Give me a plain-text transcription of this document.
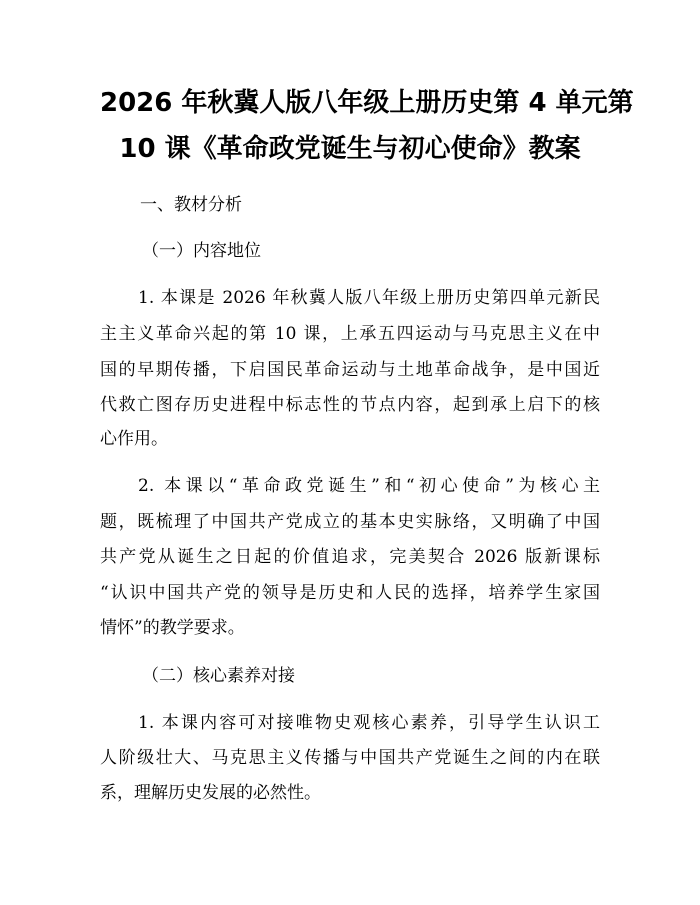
2026 年秋冀人版八年级上册历史第 4 单元第
10 课《革命政党诞生与初心使命》教案
一、教材分析
（一）内容地位
1. 本课是 2026 年秋冀人版八年级上册历史第四单元新民
主主义革命兴起的第 10 课，上承五四运动与马克思主义在中
国的早期传播，下启国民革命运动与土地革命战争，是中国近
代救亡图存历史进程中标志性的节点内容，起到承上启下的核
心作用。
2. 本课以“革命政党诞生”和“初心使命”为核心主
题，既梳理了中国共产党成立的基本史实脉络，又明确了中国
共产党从诞生之日起的价值追求，完美契合 2026 版新课标
“认识中国共产党的领导是历史和人民的选择，培养学生家国
情怀”的教学要求。
（二）核心素养对接
1. 本课内容可对接唯物史观核心素养，引导学生认识工
人阶级壮大、马克思主义传播与中国共产党诞生之间的内在联
系，理解历史发展的必然性。
